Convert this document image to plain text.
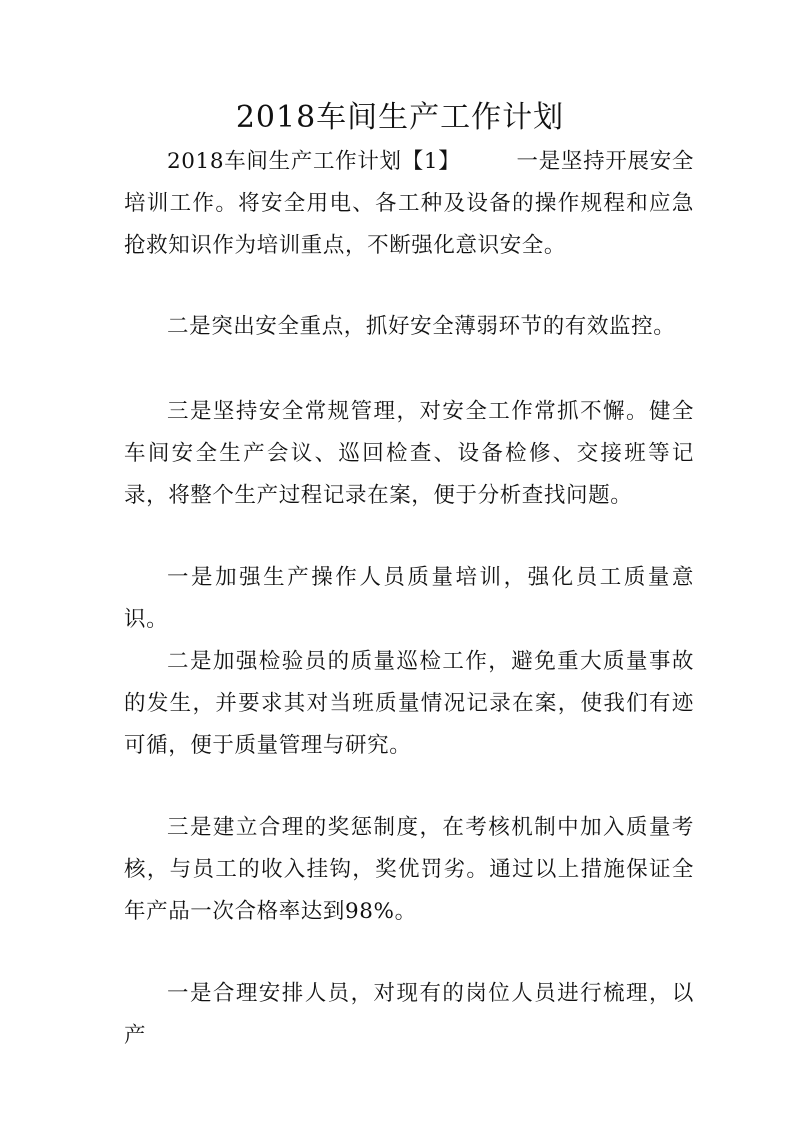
2018车间生产工作计划

2018车间生产工作计划【1】	一是坚持开展安全培训工作。将安全用电、各工种及设备的操作规程和应急抢救知识作为培训重点，不断强化意识安全。

二是突出安全重点，抓好安全薄弱环节的有效监控。

三是坚持安全常规管理，对安全工作常抓不懈。健全车间安全生产会议、巡回检查、设备检修、交接班等记录，将整个生产过程记录在案，便于分析查找问题。

一是加强生产操作人员质量培训，强化员工质量意识。

二是加强检验员的质量巡检工作，避免重大质量事故的发生，并要求其对当班质量情况记录在案，使我们有迹可循，便于质量管理与研究。

三是建立合理的奖惩制度，在考核机制中加入质量考核，与员工的收入挂钩，奖优罚劣。通过以上措施保证全年产品一次合格率达到98%。

一是合理安排人员，对现有的岗位人员进行梳理，以产
